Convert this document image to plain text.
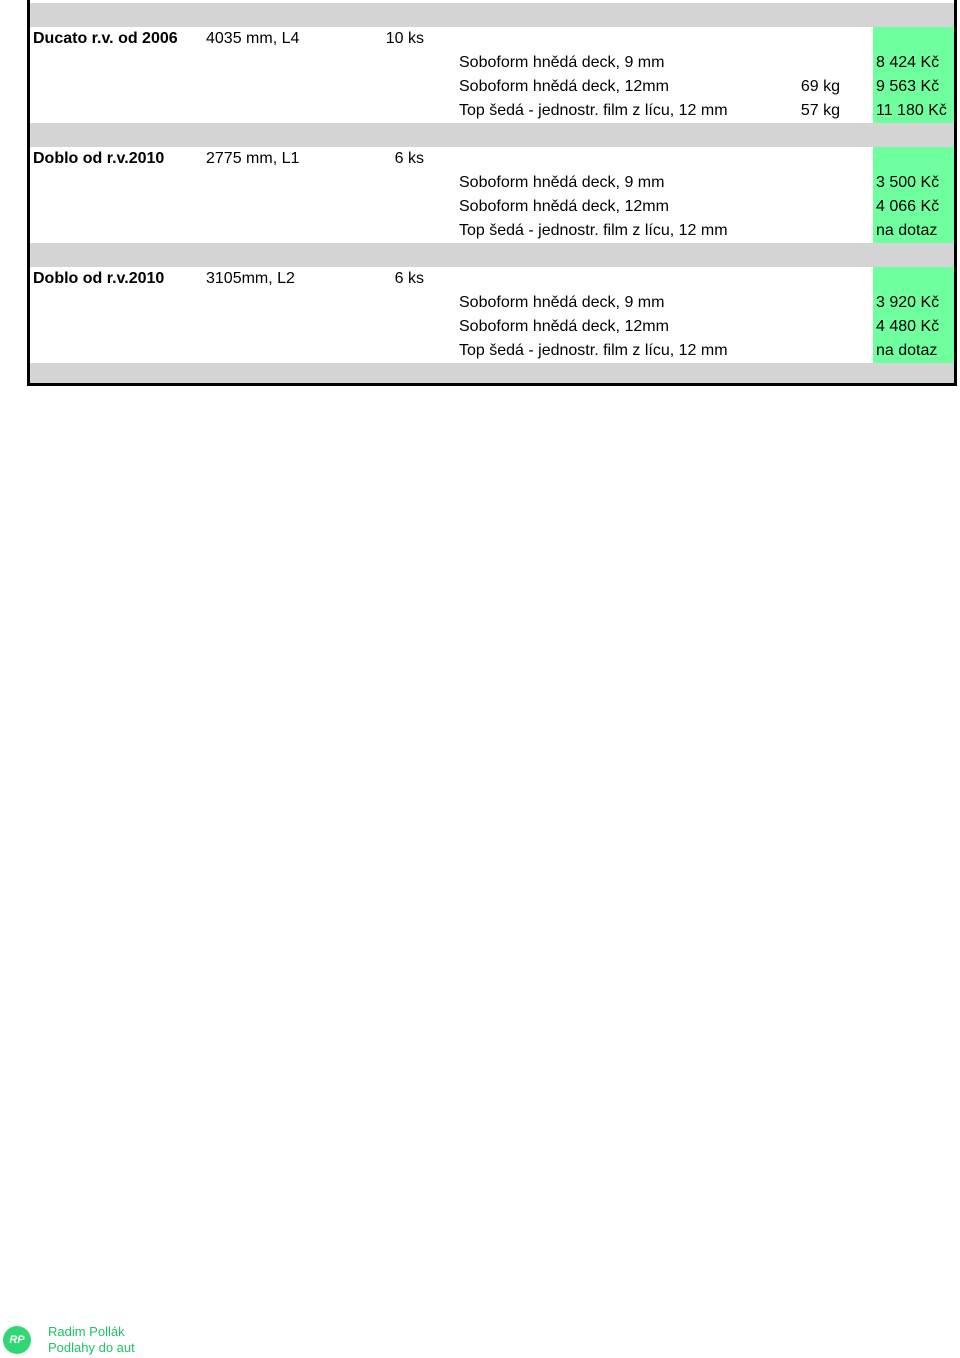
Ducato r.v. od 2006 4035 mm, L4	10 ks
Soboform hnědá deck, 9 mm	8 424 Kč
Soboform hnědá deck, 12mm	69 kg 9 563 Kč
Top šedá - jednostr. film z lícu, 12 mm	57 kg 11 180 Kč
Doblo od r.v.2010	2775 mm, L1	6 ks
Soboform hnědá deck, 9 mm	3 500 Kč
Soboform hnědá deck, 12mm	4 066 Kč
Top šedá - jednostr. film z lícu, 12 mm	na dotaz
Doblo od r.v.2010	3105mm, L2	6 ks
Soboform hnědá deck, 9 mm	3 920 Kč
Soboform hnědá deck, 12mm	4 480 Kč
Top šedá - jednostr. film z lícu, 12 mm	na dotaz
RP
Radim Pollák
Podlahy do aut
